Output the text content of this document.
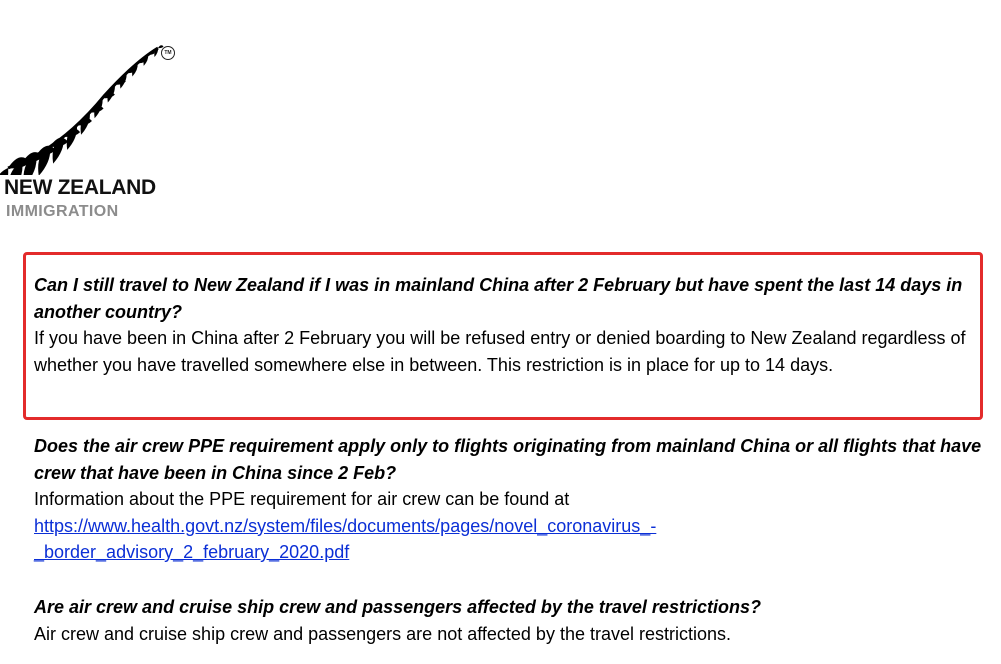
TM
NEW ZEALAND
IMMIGRATION
Can I still travel to New Zealand if I was in mainland China after 2 February but have spent the last 14 days in another country?
If you have been in China after 2 February you will be refused entry or denied boarding to New Zealand regardless of whether you have travelled somewhere else in between. This restriction is in place for up to 14 days.
Does the air crew PPE requirement apply only to flights originating from mainland China or all flights that have crew that have been in China since 2 Feb?
Information about the PPE requirement for air crew can be found at
https://www.health.govt.nz/system/files/documents/pages/novel_coronavirus_-
_border_advisory_2_february_2020.pdf
Are air crew and cruise ship crew and passengers affected by the travel restrictions?
Air crew and cruise ship crew and passengers are not affected by the travel restrictions.
